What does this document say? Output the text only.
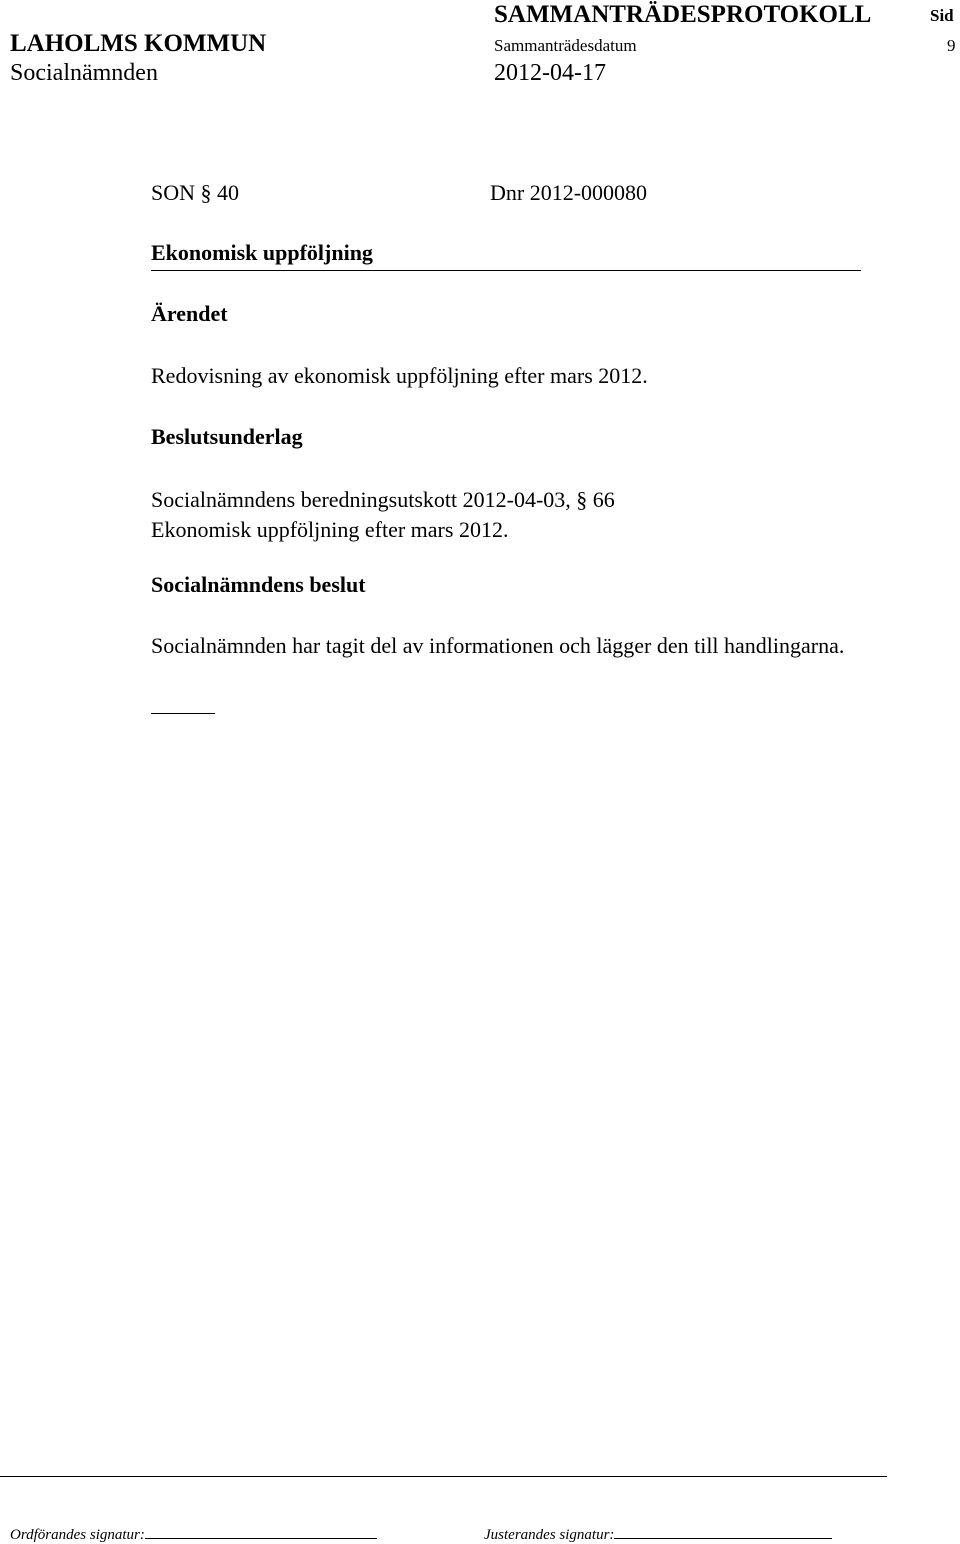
SAMMANTRÄDESPROTOKOLL	Sid
LAHOLMS KOMMUN	Sammanträdesdatum	9
Socialnämnden	2012-04-17
SON § 40	Dnr 2012-000080
Ekonomisk uppföljning
Ärendet
Redovisning av ekonomisk uppföljning efter mars 2012.
Beslutsunderlag
Socialnämndens beredningsutskott 2012-04-03, § 66
Ekonomisk uppföljning efter mars 2012.
Socialnämndens beslut
Socialnämnden har tagit del av informationen och lägger den till handlingarna.
Ordförandes signatur:	Justerandes signatur:
